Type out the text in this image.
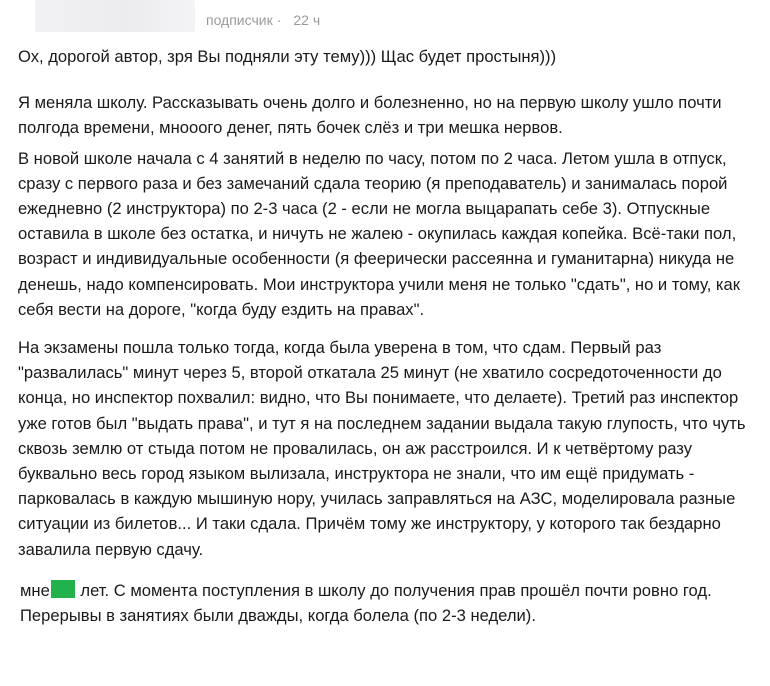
подписчик · 22 ч

Ох, дорогой автор, зря Вы подняли эту тему))) Щас будет простыня)))

Я меняла школу. Рассказывать очень долго и болезненно, но на первую школу ушло почти полгода времени, мнооого денег, пять бочек слёз и три мешка нервов.

В новой школе начала с 4 занятий в неделю по часу, потом по 2 часа. Летом ушла в отпуск, сразу с первого раза и без замечаний сдала теорию (я преподаватель) и занималась порой ежедневно (2 инструктора) по 2-3 часа (2 - если не могла выцарапать себе 3). Отпускные оставила в школе без остатка, и ничуть не жалею - окупилась каждая копейка. Всё-таки пол, возраст и индивидуальные особенности (я феерически рассеянна и гуманитарна) никуда не денешь, надо компенсировать. Мои инструктора учили меня не только "сдать", но и тому, как себя вести на дороге, "когда буду ездить на правах".

На экзамены пошла только тогда, когда была уверена в том, что сдам. Первый раз "развалилась" минут через 5, второй откатала 25 минут (не хватило сосредоточенности до конца, но инспектор похвалил: видно, что Вы понимаете, что делаете). Третий раз инспектор уже готов был "выдать права", и тут я на последнем задании выдала такую глупость, что чуть сквозь землю от стыда потом не провалилась, он аж расстроился. И к четвёртому разу буквально весь город языком вылизала, инструктора не знали, что им ещё придумать - парковалась в каждую мышиную нору, училась заправляться на АЗС, моделировала разные ситуации из билетов... И таки сдала. Причём тому же инструктору, у которого так бездарно завалила первую сдачу.

мне лет. С момента поступления в школу до получения прав прошёл почти ровно год. Перерывы в занятиях были дважды, когда болела (по 2-3 недели).
